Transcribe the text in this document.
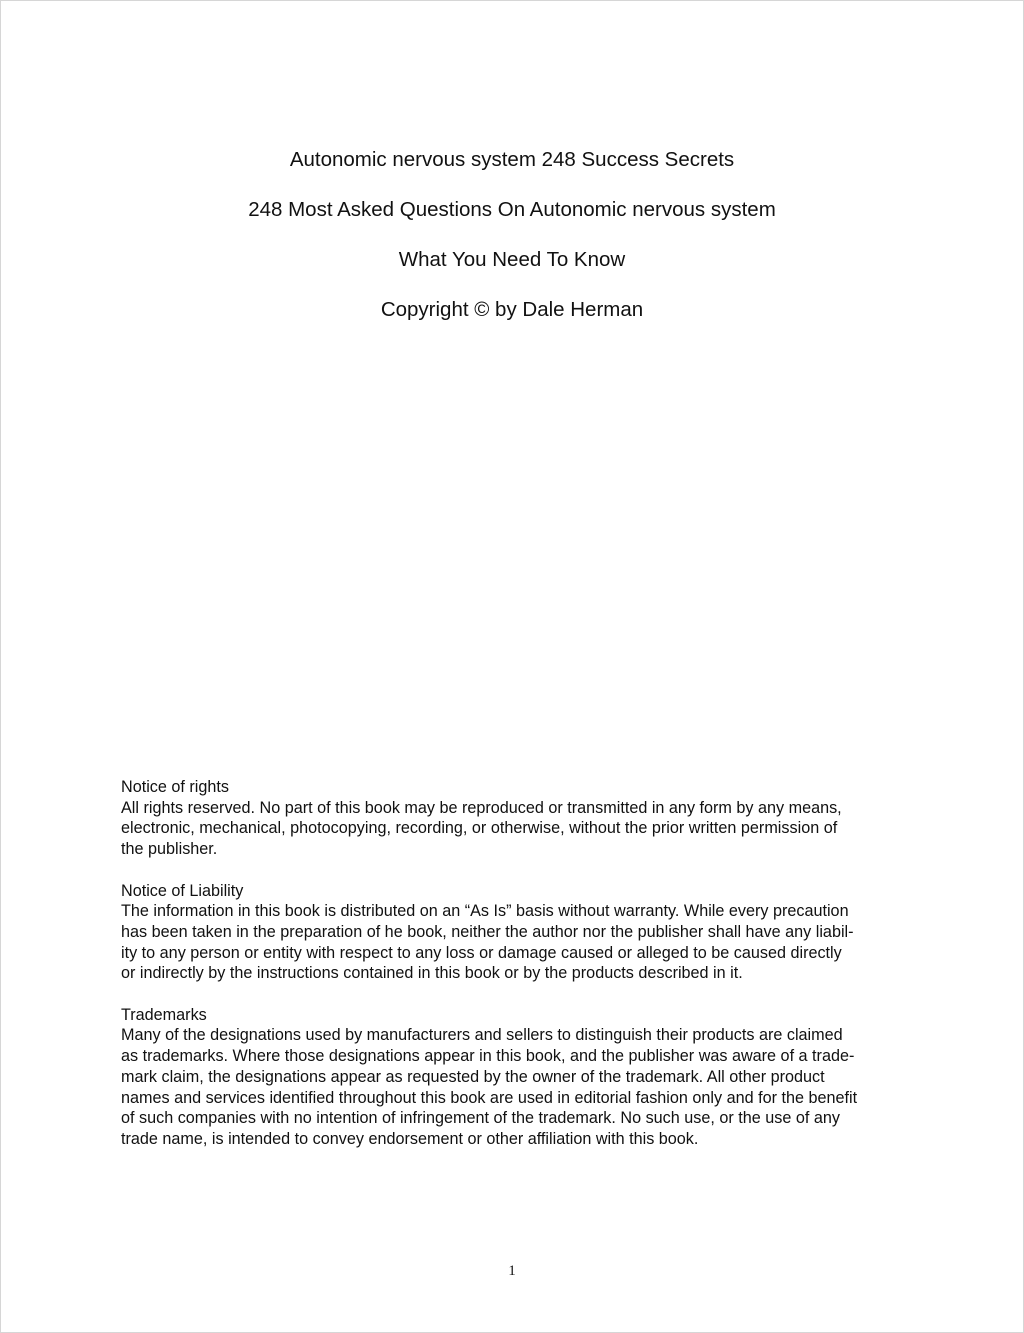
Autonomic nervous system 248 Success Secrets
248 Most Asked Questions On Autonomic nervous system
What You Need To Know
Copyright © by Dale Herman
Notice of rights
All rights reserved. No part of this book may be reproduced or transmitted in any form by any means,
electronic, mechanical, photocopying, recording, or otherwise, without the prior written permission of
the publisher.
Notice of Liability
The information in this book is distributed on an “As Is” basis without warranty. While every precaution
has been taken in the preparation of he book, neither the author nor the publisher shall have any liabil-
ity to any person or entity with respect to any loss or damage caused or alleged to be caused directly
or indirectly by the instructions contained in this book or by the products described in it.
Trademarks
Many of the designations used by manufacturers and sellers to distinguish their products are claimed
as trademarks. Where those designations appear in this book, and the publisher was aware of a trade-
mark claim, the designations appear as requested by the owner of the trademark. All other product
names and services identified throughout this book are used in editorial fashion only and for the benefit
of such companies with no intention of infringement of the trademark. No such use, or the use of any
trade name, is intended to convey endorsement or other affiliation with this book.
1
